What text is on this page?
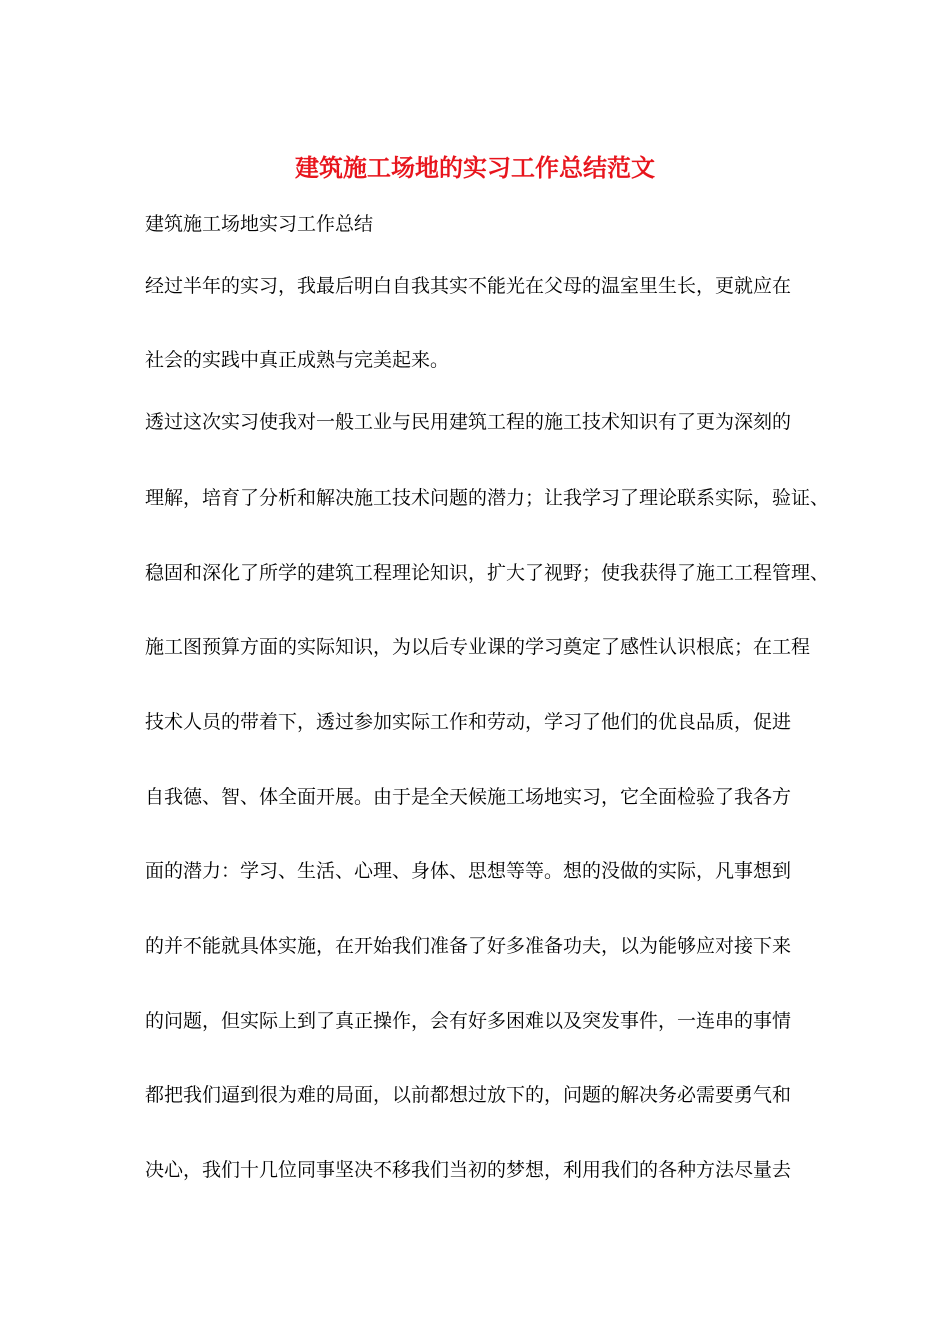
建筑施工场地的实习工作总结范文

建筑施工场地实习工作总结

经过半年的实习，我最后明白自我其实不能光在父母的温室里生长，更就应在

社会的实践中真正成熟与完美起来。

透过这次实习使我对一般工业与民用建筑工程的施工技术知识有了更为深刻的

理解，培育了分析和解决施工技术问题的潜力；让我学习了理论联系实际，验证、

稳固和深化了所学的建筑工程理论知识，扩大了视野；使我获得了施工工程管理、

施工图预算方面的实际知识，为以后专业课的学习奠定了感性认识根底；在工程

技术人员的带着下，透过参加实际工作和劳动，学习了他们的优良品质，促进

自我德、智、体全面开展。由于是全天候施工场地实习，它全面检验了我各方

面的潜力：学习、生活、心理、身体、思想等等。想的没做的实际，凡事想到

的并不能就具体实施，在开始我们准备了好多准备功夫，以为能够应对接下来

的问题，但实际上到了真正操作，会有好多困难以及突发事件，一连串的事情

都把我们逼到很为难的局面，以前都想过放下的，问题的解决务必需要勇气和

决心，我们十几位同事坚决不移我们当初的梦想，利用我们的各种方法尽量去
